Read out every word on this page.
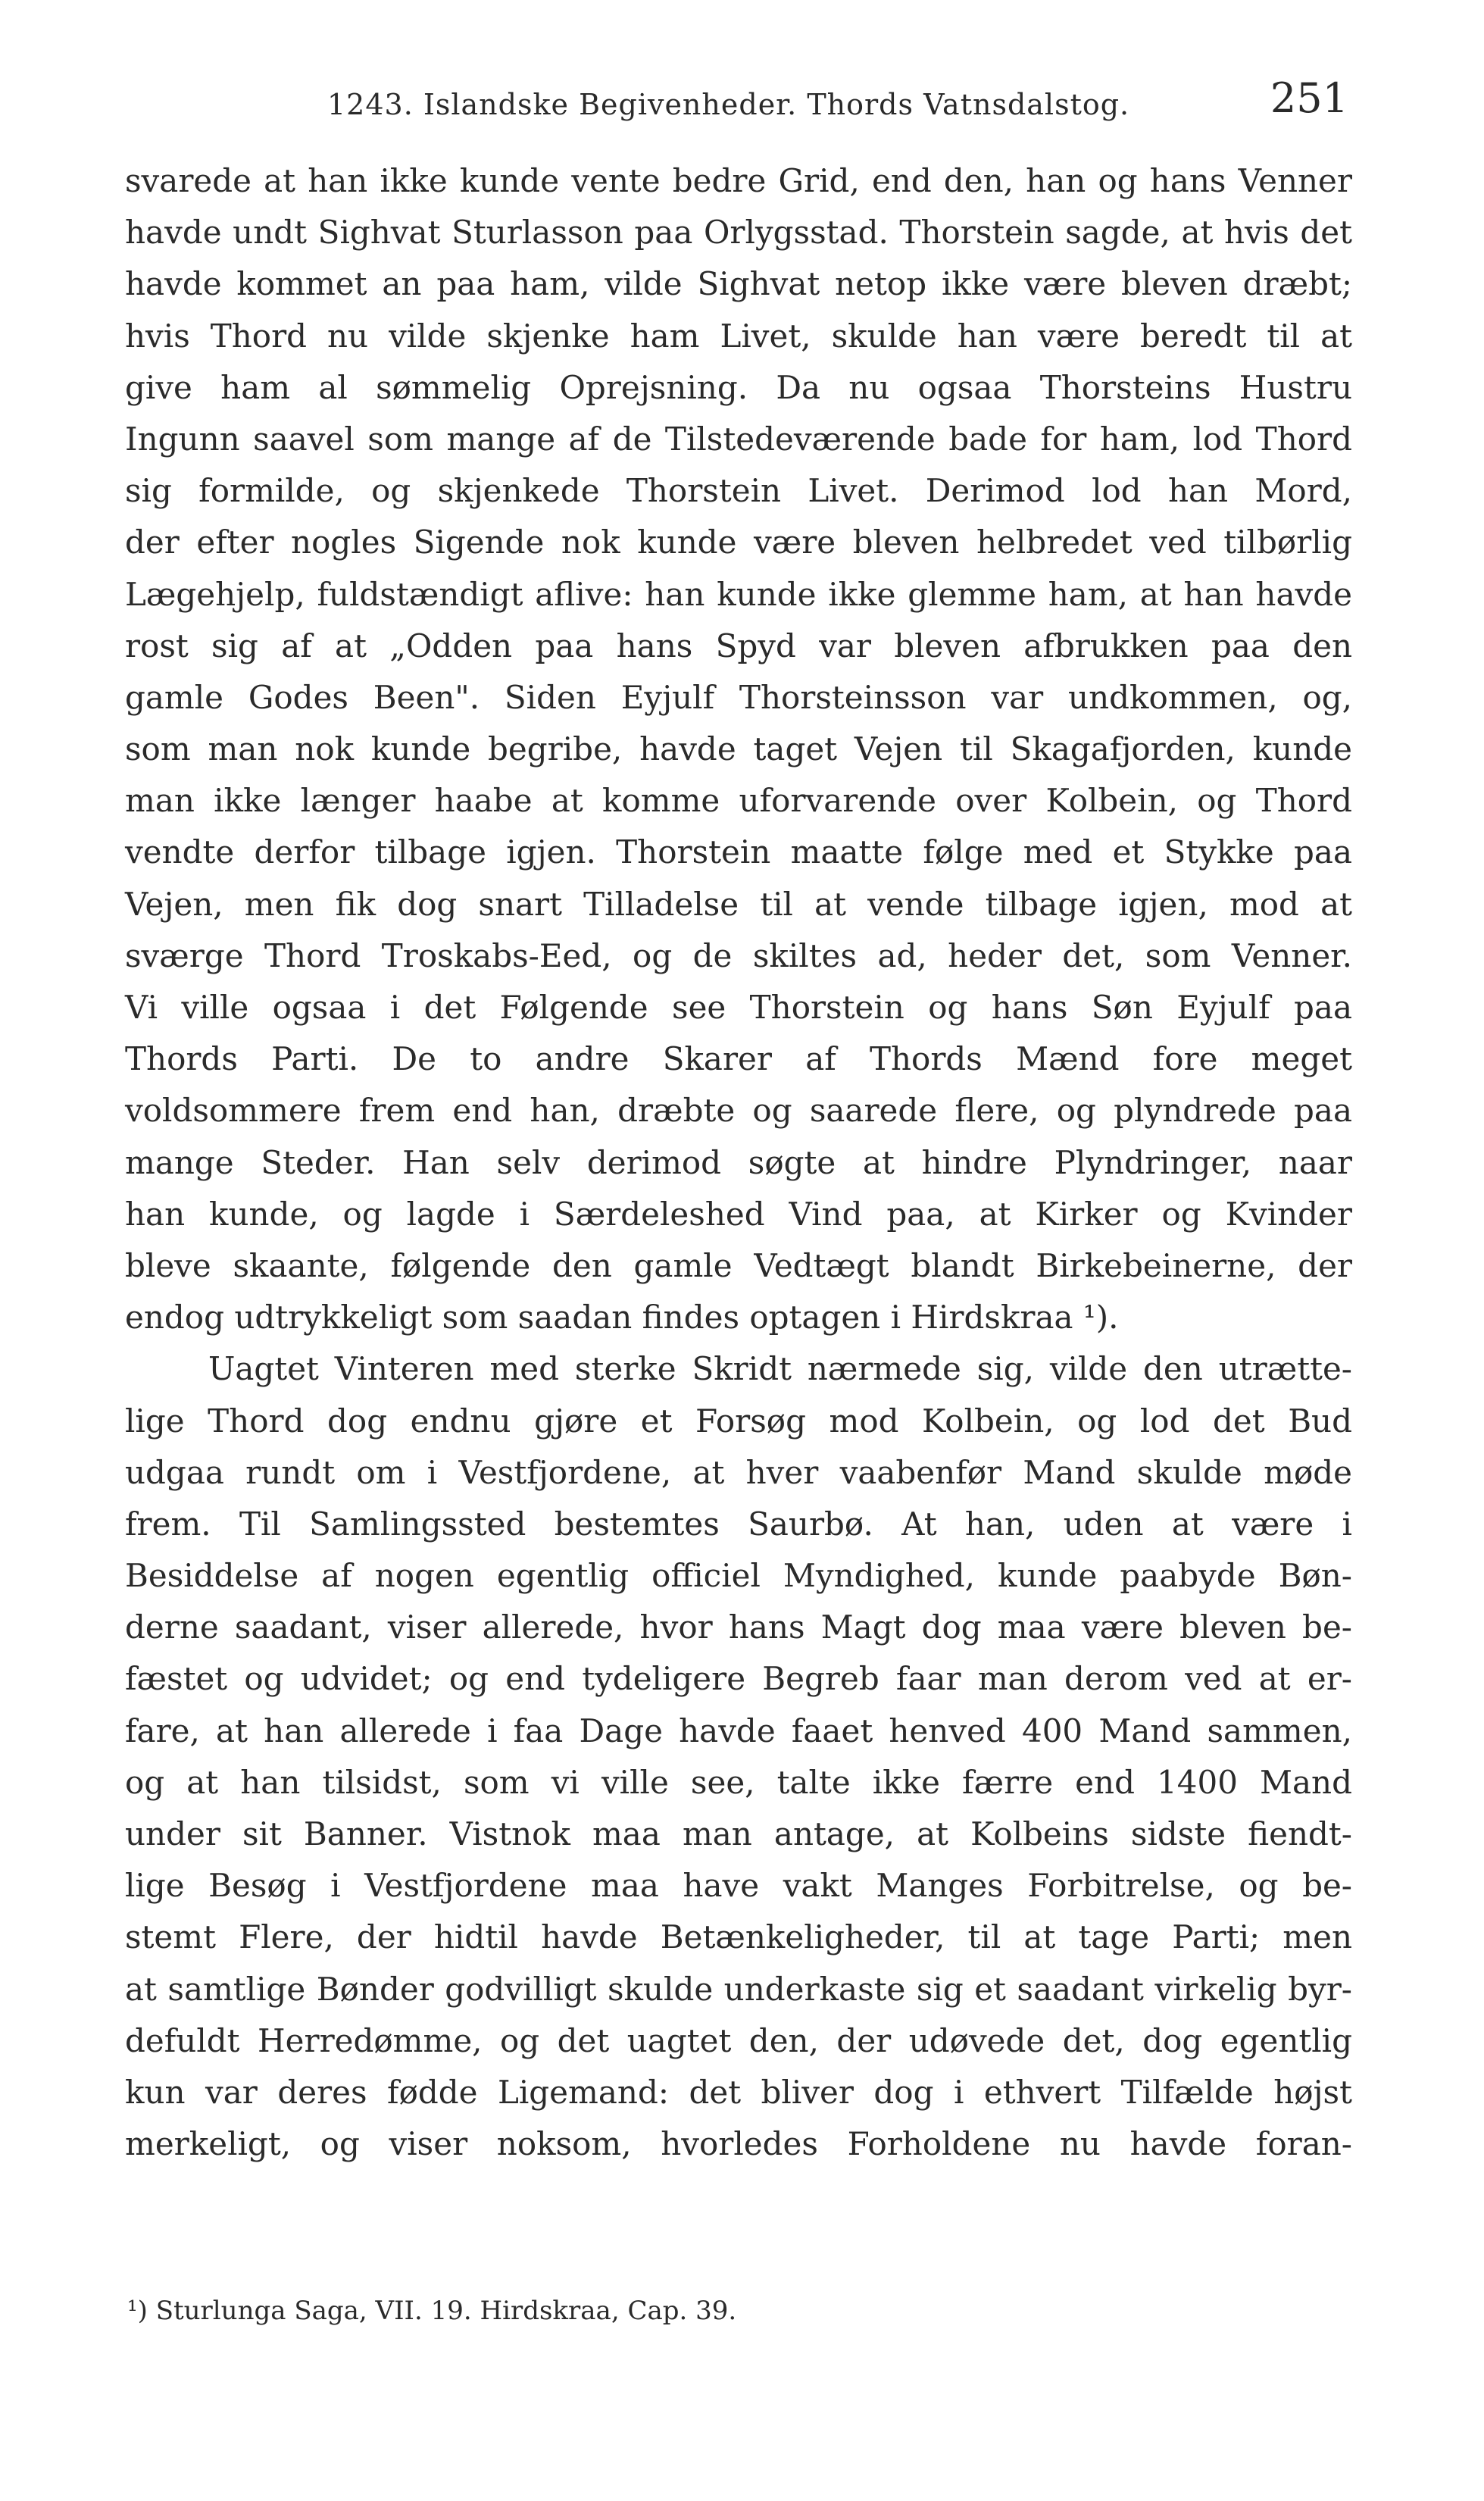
1243. Islandske Begivenheder. Thords Vatnsdalstog.	251
svarede at han ikke kunde vente bedre Grid, end den, han og hans Venner
havde undt Sighvat Sturlasson paa Orlygsstad. Thorstein sagde, at hvis det
havde kommet an paa ham, vilde Sighvat netop ikke være bleven dræbt;
hvis Thord nu vilde skjenke ham Livet, skulde han være beredt til at
give ham al sømmelig Oprejsning. Da nu ogsaa Thorsteins Hustru
Ingunn saavel som mange af de Tilstedeværende bade for ham, lod Thord
sig formilde, og skjenkede Thorstein Livet. Derimod lod han Mord,
der efter nogles Sigende nok kunde være bleven helbredet ved tilbørlig
Lægehjelp, fuldstændigt aflive: han kunde ikke glemme ham, at han havde
rost sig af at „Odden paa hans Spyd var bleven afbrukken paa den
gamle Godes Been". Siden Eyjulf Thorsteinsson var undkommen, og,
som man nok kunde begribe, havde taget Vejen til Skagafjorden, kunde
man ikke længer haabe at komme uforvarende over Kolbein, og Thord
vendte derfor tilbage igjen. Thorstein maatte følge med et Stykke paa
Vejen, men fik dog snart Tilladelse til at vende tilbage igjen, mod at
sværge Thord Troskabs-Eed, og de skiltes ad, heder det, som Venner.
Vi ville ogsaa i det Følgende see Thorstein og hans Søn Eyjulf paa
Thords Parti. De to andre Skarer af Thords Mænd fore meget
voldsommere frem end han, dræbte og saarede flere, og plyndrede paa
mange Steder. Han selv derimod søgte at hindre Plyndringer, naar
han kunde, og lagde i Særdeleshed Vind paa, at Kirker og Kvinder
bleve skaante, følgende den gamle Vedtægt blandt Birkebeinerne, der
endog udtrykkeligt som saadan findes optagen i Hirdskraa ¹).
Uagtet Vinteren med sterke Skridt nærmede sig, vilde den utrætte-
lige Thord dog endnu gjøre et Forsøg mod Kolbein, og lod det Bud
udgaa rundt om i Vestfjordene, at hver vaabenfør Mand skulde møde
frem. Til Samlingssted bestemtes Saurbø. At han, uden at være i
Besiddelse af nogen egentlig officiel Myndighed, kunde paabyde Bøn-
derne saadant, viser allerede, hvor hans Magt dog maa være bleven be-
fæstet og udvidet; og end tydeligere Begreb faar man derom ved at er-
fare, at han allerede i faa Dage havde faaet henved 400 Mand sammen,
og at han tilsidst, som vi ville see, talte ikke færre end 1400 Mand
under sit Banner. Vistnok maa man antage, at Kolbeins sidste fiendt-
lige Besøg i Vestfjordene maa have vakt Manges Forbitrelse, og be-
stemt Flere, der hidtil havde Betænkeligheder, til at tage Parti; men
at samtlige Bønder godvilligt skulde underkaste sig et saadant virkelig byr-
defuldt Herredømme, og det uagtet den, der udøvede det, dog egentlig
kun var deres fødde Ligemand: det bliver dog i ethvert Tilfælde højst
merkeligt, og viser noksom, hvorledes Forholdene nu havde foran-
¹) Sturlunga Saga, VII. 19. Hirdskraa, Cap. 39.
